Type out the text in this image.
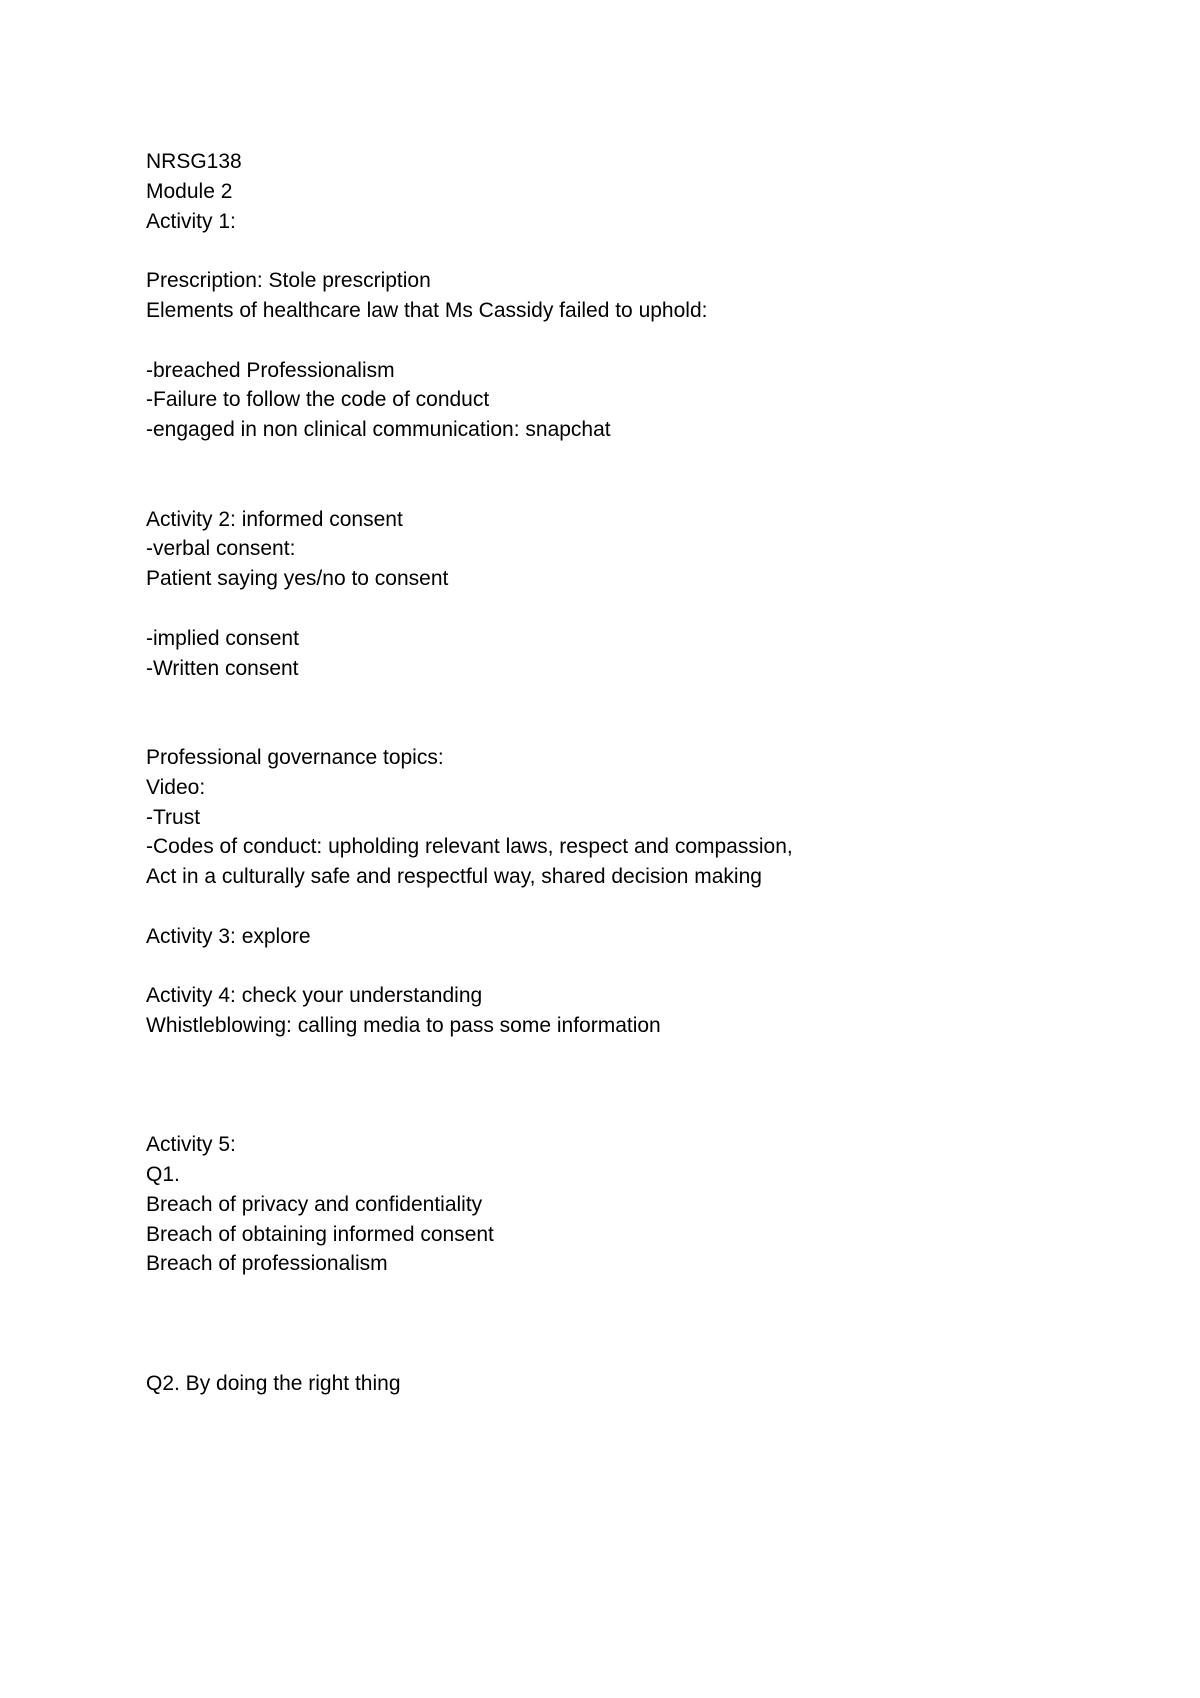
NRSG138
Module 2
Activity 1:
Prescription: Stole prescription
Elements of healthcare law that Ms Cassidy failed to uphold:
-breached Professionalism
-Failure to follow the code of conduct
-engaged in non clinical communication: snapchat
Activity 2: informed consent
-verbal consent:
Patient saying yes/no to consent
-implied consent
-Written consent
Professional governance topics:
Video:
-Trust
-Codes of conduct: upholding relevant laws, respect and compassion,
Act in a culturally safe and respectful way, shared decision making
Activity 3: explore
Activity 4: check your understanding
Whistleblowing: calling media to pass some information
Activity 5:
Q1.
Breach of privacy and confidentiality
Breach of obtaining informed consent
Breach of professionalism
Q2. By doing the right thing
